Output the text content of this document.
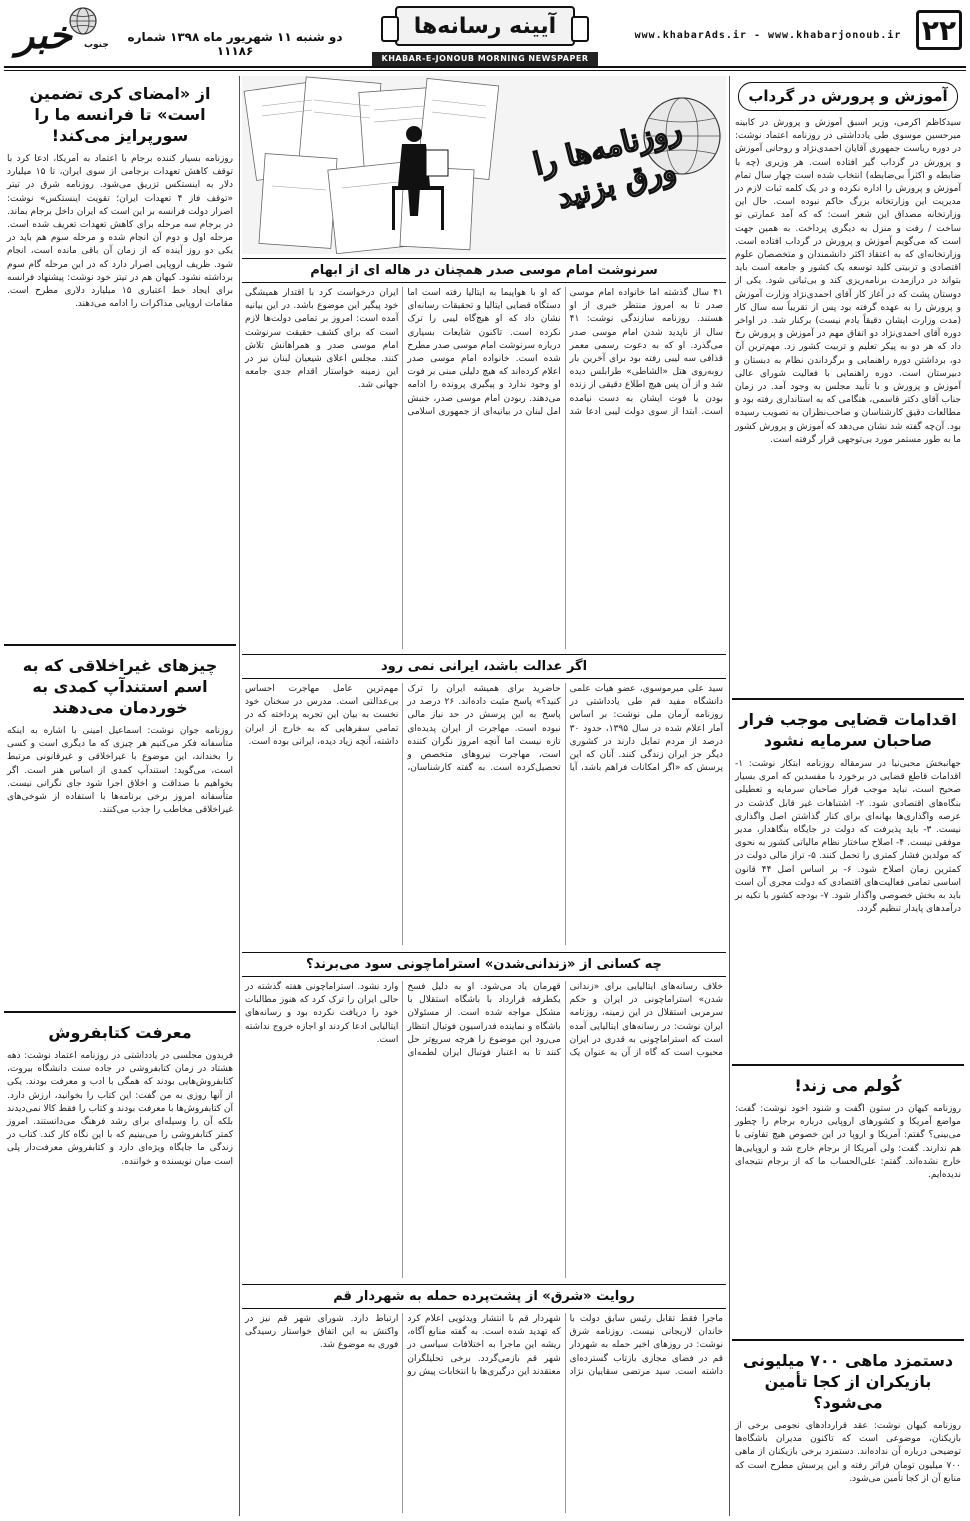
۲۲
www.khabarAds.ir - www.khabarjonoub.ir
آیینه رسانه‌ها
دو شنبه ۱۱ شهریور ماه ۱۳۹۸ شماره ۱۱۱۸۶
خبر	جنوب
KHABAR-E-JONOUB MORNING NEWSPAPER
آموزش و پرورش در گرداب
سیدکاظم اکرمی، وزیر اسبق آموزش و پرورش در کابینه میرحسین موسوی طی یادداشتی در روزنامه اعتماد نوشت: در دوره ریاست جمهوری آقایان احمدی‌نژاد و روحانی آموزش و پرورش در گرداب گیر افتاده است. هر وزیری (چه با ضابطه و اکثراً بی‌ضابطه) انتخاب شده است چهار سال تمام آموزش و پرورش را اداره نکرده و در یک کلمه ثبات لازم در مدیریت این وزارتخانه بزرگ حاکم نبوده است. حال این وزارتخانه مصداق این شعر است: که که آمد عمارتی نو ساخت / رفت و منزل به دیگری پرداخت. به همین جهت است که می‌گویم آموزش و پرورش در گرداب افتاده است. وزارتخانه‌ای که به اعتقاد اکثر دانشمندان و متخصصان علوم اقتصادی و تربیتی کلید توسعه یک کشور و جامعه است باید بتواند در درازمدت برنامه‌ریزی کند و بی‌ثباتی شود. یکی از دوستان پشت که در آغاز کار آقای احمدی‌نژاد وزارت آموزش و پرورش را به عهده گرفته بود پس از تقریباً سه سال کار (مدت وزارت ایشان دقیقاً یادم نیست) برکنار شد. در اواخر دوره آقای احمدی‌نژاد دو اتفاق مهم در آموزش و پرورش رخ داد که هر دو به پیکر تعلیم و تربیت کشور زد. مهم‌ترین آن دو، برداشتن دوره راهنمایی و برگرداندن نظام به دبستان و دبیرستان است. دوره راهنمایی با فعالیت شورای عالی آموزش و پرورش و با تأیید مجلس به وجود آمد. در زمان جناب آقای دکتر قاسمی، هنگامی که به استانداری رفته بود و مطالعات دقیق کارشناسان و صاحب‌نظران به تصویب رسیده بود. آن‌چه گفته شد نشان می‌دهد که آموزش و پرورش کشور ما به طور مستمر مورد بی‌توجهی قرار گرفته است.
اقدامات قضایی موجب فرار صاحبان سرمایه نشود
جهانبخش محبی‌نیا در سرمقاله روزنامه ابتکار نوشت: ۱- اقدامات قاطع قضایی در برخورد با مفسدین که امری بسیار صحیح است، نباید موجب فرار صاحبان سرمایه و تعطیلی بنگاه‌های اقتصادی شود. ۲- اشتباهات غیر قابل گذشت در عرصه واگذاری‌ها بهانه‌ای برای کنار گذاشتن اصل واگذاری نیست. ۳- باید پذیرفت که دولت در جایگاه بنگاهدار، مدیر موفقی نیست. ۴- اصلاح ساختار نظام مالیاتی کشور به نحوی که مولدین فشار کمتری را تحمل کنند. ۵- تراز مالی دولت در کمترین زمان اصلاح شود. ۶- بر اساس اصل ۴۴ قانون اساسی تمامی فعالیت‌های اقتصادی که دولت مجری آن است باید به بخش خصوصی واگذار شود. ۷- بودجه کشور با تکیه بر درآمدهای پایدار تنظیم گردد.
کُولم می زند!
روزنامه کیهان در ستون اگفت و شنود اخود نوشت: گفت: مواضع آمریکا و کشورهای اروپایی درباره برجام را چطور می‌بینی؟ گفتم: آمریکا و اروپا در این خصوص هیچ تفاوتی با هم ندارند. گفت: ولی آمریکا از برجام خارج شد و اروپایی‌ها خارج نشده‌اند. گفتم: علی‌الحساب ما که از برجام نتیجه‌ای ندیده‌ایم.
دستمزد ماهی ۷۰۰ میلیونی بازیکران از کجا تأمین می‌شود؟
روزنامه کیهان نوشت: عقد قراردادهای نجومی برخی از بازیکنان، موضوعی است که تاکنون مدیران باشگاه‌ها توضیحی درباره آن نداده‌اند. دستمزد برخی بازیکنان از ماهی ۷۰۰ میلیون تومان فراتر رفته و این پرسش مطرح است که منابع آن از کجا تأمین می‌شود.
از «امضای کری تضمین است» تا فرانسه ما را سورپرایز می‌کند!
روزنامه بسیار کننده برجام با اعتماد به آمریکا، ادعا کرد با توقف کاهش تعهدات برجامی از سوی ایران، تا ۱۵ میلیارد دلار به اینستکس تزریق می‌شود. روزنامه شرق در تیتر «توقف فاز ۴ تعهدات ایران؛ تقویت اینستکس» نوشت: اصرار دولت فرانسه بر این است که ایران داخل برجام بماند. در برجام سه مرحله برای کاهش تعهدات تعریف شده است. مرحله اول و دوم آن انجام شده و مرحله سوم هم باید در یکی دو روز آینده که از زمان آن باقی مانده است، انجام شود. ظریف اروپایی اصرار دارد که در این مرحله گام سوم برداشته نشود. کیهان هم در تیتر خود نوشت: پیشنهاد فرانسه برای ایجاد خط اعتباری ۱۵ میلیارد دلاری مطرح است. مقامات اروپایی مذاکرات را ادامه می‌دهند.
چیزهای غیراخلاقی که به اسم استندآپ کمدی به خوردمان می‌دهند
روزنامه جوان نوشت: اسماعیل امینی با اشاره به اینکه متأسفانه فکر می‌کنیم هر چیزی که ما دیگری است و کسی را بخنداند، این موضوع با غیراخلاقی و غیرقانونی مرتبط است، می‌گوید: استندآپ کمدی از اساس هنر است. اگر بخواهیم با صداقت و اخلاق اجرا شود جای نگرانی نیست. متأسفانه امروز برخی برنامه‌ها با استفاده از شوخی‌های غیراخلاقی مخاطب را جذب می‌کنند.
معرفت کتابفروش
فریدون مجلسی در یادداشتی در روزنامه اعتماد نوشت: دهه هشتاد در زمان کتابفروشی در جاده سنت دانشگاه بیروت، کتابفروش‌هایی بودند که همگی با ادب و معرفت بودند. یکی از آنها روزی به من گفت: این کتاب را بخوانید، ارزش دارد. آن کتابفروش‌ها با معرفت بودند و کتاب را فقط کالا نمی‌دیدند بلکه آن را وسیله‌ای برای رشد فرهنگ می‌دانستند. امروز کمتر کتابفروشی را می‌بینیم که با این نگاه کار کند. کتاب در زندگی ما جایگاه ویژه‌ای دارد و کتابفروش معرفت‌دار پلی است میان نویسنده و خواننده.
روزنامه‌ها را ورق بزنید
سرنوشت امام موسی صدر همچنان در هاله ای از ابهام
۴۱ سال گذشته اما خانواده امام موسی صدر تا به امروز منتظر خبری از او هستند. روزنامه سازندگی نوشت: ۴۱ سال از ناپدید شدن امام موسی صدر می‌گذرد. او که به دعوت رسمی معمر قذافی سه لیبی رفته بود برای آخرین بار روبه‌روی هتل «الشاطی» طرابلس دیده شد و از آن پس هیچ اطلاع دقیقی از زنده بودن یا فوت ایشان به دست نیامده است. ابتدا از سوی دولت لیبی ادعا شد که او با هواپیما به ایتالیا رفته است اما دستگاه قضایی ایتالیا و تحقیقات رسانه‌ای نشان داد که او هیچ‌گاه لیبی را ترک نکرده است. تاکنون شایعات بسیاری درباره سرنوشت امام موسی صدر مطرح شده است. خانواده امام موسی صدر اعلام کرده‌اند که هیچ دلیلی مبنی بر فوت او وجود ندارد و پیگیری پرونده را ادامه می‌دهند. ربودن امام موسی صدر، جنبش امل لبنان در بیانیه‌ای از جمهوری اسلامی ایران درخواست کرد با اقتدار همیشگی خود پیگیر این موضوع باشد. در این بیانیه آمده است: امروز بر تمامی دولت‌ها لازم است که برای کشف حقیقت سرنوشت امام موسی صدر و همراهانش تلاش کنند. مجلس اعلای شیعیان لبنان نیز در این زمینه خواستار اقدام جدی جامعه جهانی شد.
اگر عدالت باشد، ایرانی نمی رود
سید علی میرموسوی، عضو هیأت علمی دانشگاه مفید قم طی یادداشتی در روزنامه آرمان ملی نوشت: بر اساس آمار اعلام شده در سال ۱۳۹۵، حدود ۳۰ درصد از مردم تمایل دارند در کشوری دیگر جز ایران زندگی کنند. آنان که این پرسش که «اگر امکانات فراهم باشد، آیا حاضرید برای همیشه ایران را ترک کنید؟» پاسخ مثبت داده‌اند. ۲۶ درصد در پاسخ به این پرسش در حد نیاز مالی نبوده است. مهاجرت از ایران پدیده‌ای تازه نیست اما آنچه امروز نگران کننده است، مهاجرت نیروهای متخصص و تحصیل‌کرده است. به گفته کارشناسان، مهم‌ترین عامل مهاجرت احساس بی‌عدالتی است. مدرس در سخنان خود نخست به بیان این تجربه پرداخته که در تمامی سفرهایی که به خارج از ایران داشته، آنچه زیاد دیده، ایرانی بوده است.
چه کسانی از «زندانی‌شدن» استراماچونی سود می‌برند؟
خلاف رسانه‌های ایتالیایی برای «زندانی شدن» استراماچونی در ایران و حکم سرمربی استقلال در این زمینه، روزنامه ایران نوشت: در رسانه‌های ایتالیایی آمده است که استراماچونی به قدری در ایران محبوب است که گاه از آن به عنوان یک قهرمان یاد می‌شود. او به دلیل فسخ یکطرفه قرارداد با باشگاه استقلال با مشکل مواجه شده است. از مسئولان باشگاه و نماینده فدراسیون فوتبال انتظار می‌رود این موضوع را هرچه سریع‌تر حل کنند تا به اعتبار فوتبال ایران لطمه‌ای وارد نشود. استراماچونی هفته گذشته در حالی ایران را ترک کرد که هنوز مطالبات خود را دریافت نکرده بود و رسانه‌های ایتالیایی ادعا کردند او اجازه خروج نداشته است.
روایت «شرق» از پشت‌پرده حمله به شهردار قم
ماجرا فقط تقابل رئیس سابق دولت با خاندان لاریجانی نیست. روزنامه شرق نوشت: در روزهای اخیر حمله به شهردار قم در فضای مجازی بازتاب گسترده‌ای داشته است. سید مرتضی سقاییان نژاد شهردار قم با انتشار ویدئویی اعلام کرد که تهدید شده است. به گفته منابع آگاه، ریشه این ماجرا به اختلافات سیاسی در شهر قم بازمی‌گردد. برخی تحلیلگران معتقدند این درگیری‌ها با انتخابات پیش رو ارتباط دارد. شورای شهر قم نیز در واکنش به این اتفاق خواستار رسیدگی فوری به موضوع شد.
